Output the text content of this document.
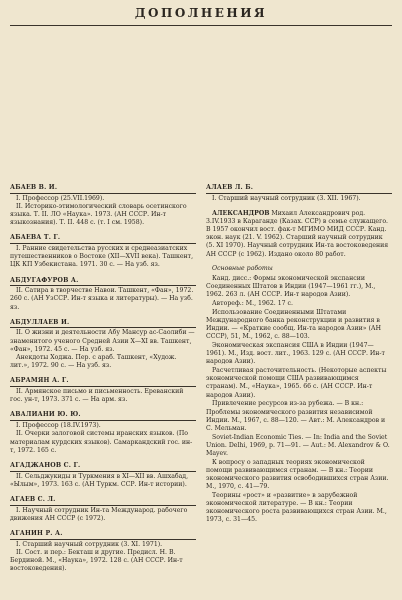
ДОПОЛНЕНИЯ
АБАЕВ В. И.
I. Профессор (25.VII.1969).
II. Историко-этимологический словарь осетинского языка. Т. II. ЛО «Наука». 1973. (АН СССР. Ин-т языкознания). Т. II. 448 с. (т. I см. 1958).
АБАЕВА Т. Г.
I. Ранние свидетельства русских и среднеазиатских путешественников о Востоке (XII—XVII века). Ташкент, ЦК КП Узбекистана. 1971. 30 с. — На узб. яз.
АБДУГАФУРОВ А.
II. Сатира в творчестве Навои. Ташкент, «Фан», 1972. 260 с. (АН УзССР. Ин-т языка и литературы). — На узб. яз.
АБДУЛЛАЕВ И.
II. О жизни и деятельности Абу Мансур ас-Саолиби — знаменитого ученого Средней Азии X—XI вв. Ташкент, «Фан», 1972. 45 с. — На узб. яз.
Анекдоты Ходжа. Пер. с араб. Ташкент, «Худож. лит.», 1972. 90 с. — На узб. яз.
АБРАМЯН А. Г.
II. Армянское письмо и письменность. Ереванский гос. ун-т, 1973. 371 с. — На арм. яз.
АВАЛИАНИ Ю. Ю.
I. Профессор (18.IV.1973).
II. Очерки залоговой системы иранских языков. (По материалам курдских языков). Самаркандский гос. ин-т, 1972. 165 с.
АГАДЖАНОВ С. Г.
II. Сельджукиды и Туркмения в XI—XII вв. Ашхабад, «Ылым», 1973. 163 с. (АН Туркм. ССР. Ин-т истории).
АГАЕВ С. Л.
I. Научный сотрудник Ин-та Международ. рабочего движения АН СССР (с 1972).
АГАНИН Р. А.
I. Старший научный сотрудник (3. XI. 1971).
II. Сост. и пер.: Бекташ и другие. Предисл. Н. В. Бердиной. М., «Наука», 1972. 128 с. (АН СССР. Ин-т востоковедения).
АЛАЕВ Л. Б.
I. Старший научный сотрудник (3. XII. 1967).

АЛЕКСАНДРОВ Михаил Александрович род. 3.IV.1933 в Караганде (Казах. ССР) в семье служащего. В 1957 окончил вост. фак-т МГИМО МИД СССР. Канд. экон. наук (21. V. 1962). Старший научный сотрудник (5. XI 1970). Научный сотрудник Ин-та востоковедения АН СССР (с 1962). Издано около 80 работ.

Основные работы
Канд. дисс.: Формы экономической экспансии Соединенных Штатов в Индии (1947—1961 гг.), М., 1962. 263 л. (АН СССР. Ин-т народов Азии).
Автореф.: М., 1962. 17 с.
Использование Соединенными Штатами Международного банка реконструкции и развития в Индии. — «Краткие сообщ. Ин-та народов Азии» (АН СССР), 51, М., 1962, с. 88—103.
Экономическая экспансия США в Индии (1947—1961). М., Изд. вост. лит., 1963. 129 с. (АН СССР. Ин-т народов Азии).
Расчетливая расточительность. (Некоторые аспекты экономической помощи США развивающимся странам). М., «Наука», 1965. 66 с. (АН СССР. Ин-т народов Азии).
Привлечение ресурсов из-за рубежа. — В кн.: Проблемы экономического развития независимой Индии. М., 1967, с. 88—120. — Авт.: М. Александров и С. Мельман.
Soviet-Indian Economic Ties. — In: India and the Soviet Union. Delhi, 1969, p. 71—91. — Aut.: M. Alexandrov & O. Mayev.
К вопросу о западных теориях экономической помощи развивающимся странам. — В кн.: Теории экономического развития освободившихся стран Азии. М., 1970, с. 41—79.
Теорины «рост» и «развитие» в зарубежной экономической литературе. — В кн.: Теории экономического роста развивающихся стран Азии. М., 1973, с. 31—45.
